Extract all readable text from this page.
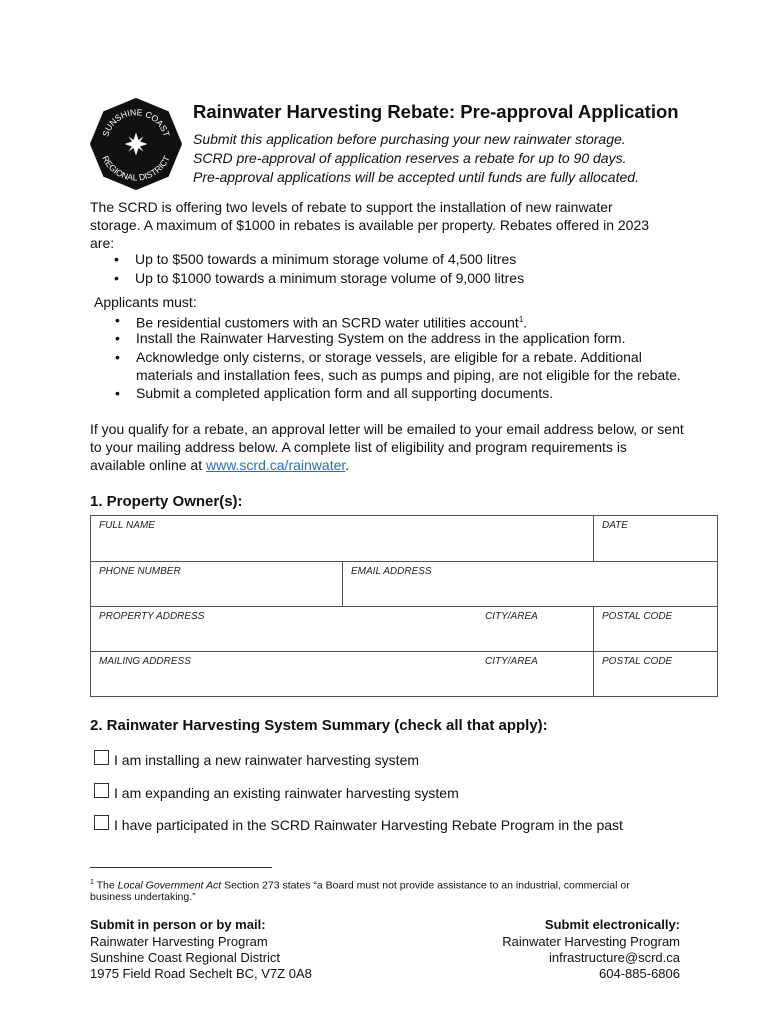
SUNSHINE COAST
REGIONAL DISTRICT
Rainwater Harvesting Rebate: Pre-approval Application
Submit this application before purchasing your new rainwater storage.
SCRD pre-approval of application reserves a rebate for up to 90 days.
Pre-approval applications will be accepted until funds are fully allocated.
The SCRD is offering two levels of rebate to support the installation of new rainwater
storage. A maximum of $1000 in rebates is available per property. Rebates offered in 2023
are:
• Up to $500 towards a minimum storage volume of 4,500 litres
• Up to $1000 towards a minimum storage volume of 9,000 litres
Applicants must:
• Be residential customers with an SCRD water utilities account$^1$.
• Install the Rainwater Harvesting System on the address in the application form.
• Acknowledge only cisterns, or storage vessels, are eligible for a rebate. Additional
materials and installation fees, such as pumps and piping, are not eligible for the rebate.
• Submit a completed application form and all supporting documents.
If you qualify for a rebate, an approval letter will be emailed to your email address below, or sent
to your mailing address below. A complete list of eligibility and program requirements is
available online at www.scrd.ca/rainwater.
1. Property Owner(s):
FULL NAME			DATE
PHONE NUMBER	EMAIL ADDRESS		
PROPERTY ADDRESS		CITY/AREA	POSTAL CODE
MAILING ADDRESS		CITY/AREA	POSTAL CODE
2. Rainwater Harvesting System Summary (check all that apply):
I am installing a new rainwater harvesting system
I am expanding an existing rainwater harvesting system
I have participated in the SCRD Rainwater Harvesting Rebate Program in the past
$^1$ The Local Government Act Section 273 states “a Board must not provide assistance to an industrial, commercial or
business undertaking.”
Submit in person or by mail:
Rainwater Harvesting Program
Sunshine Coast Regional District
1975 Field Road Sechelt BC, V7Z 0A8
Submit electronically:
Rainwater Harvesting Program
infrastructure@scrd.ca
604-885-6806
